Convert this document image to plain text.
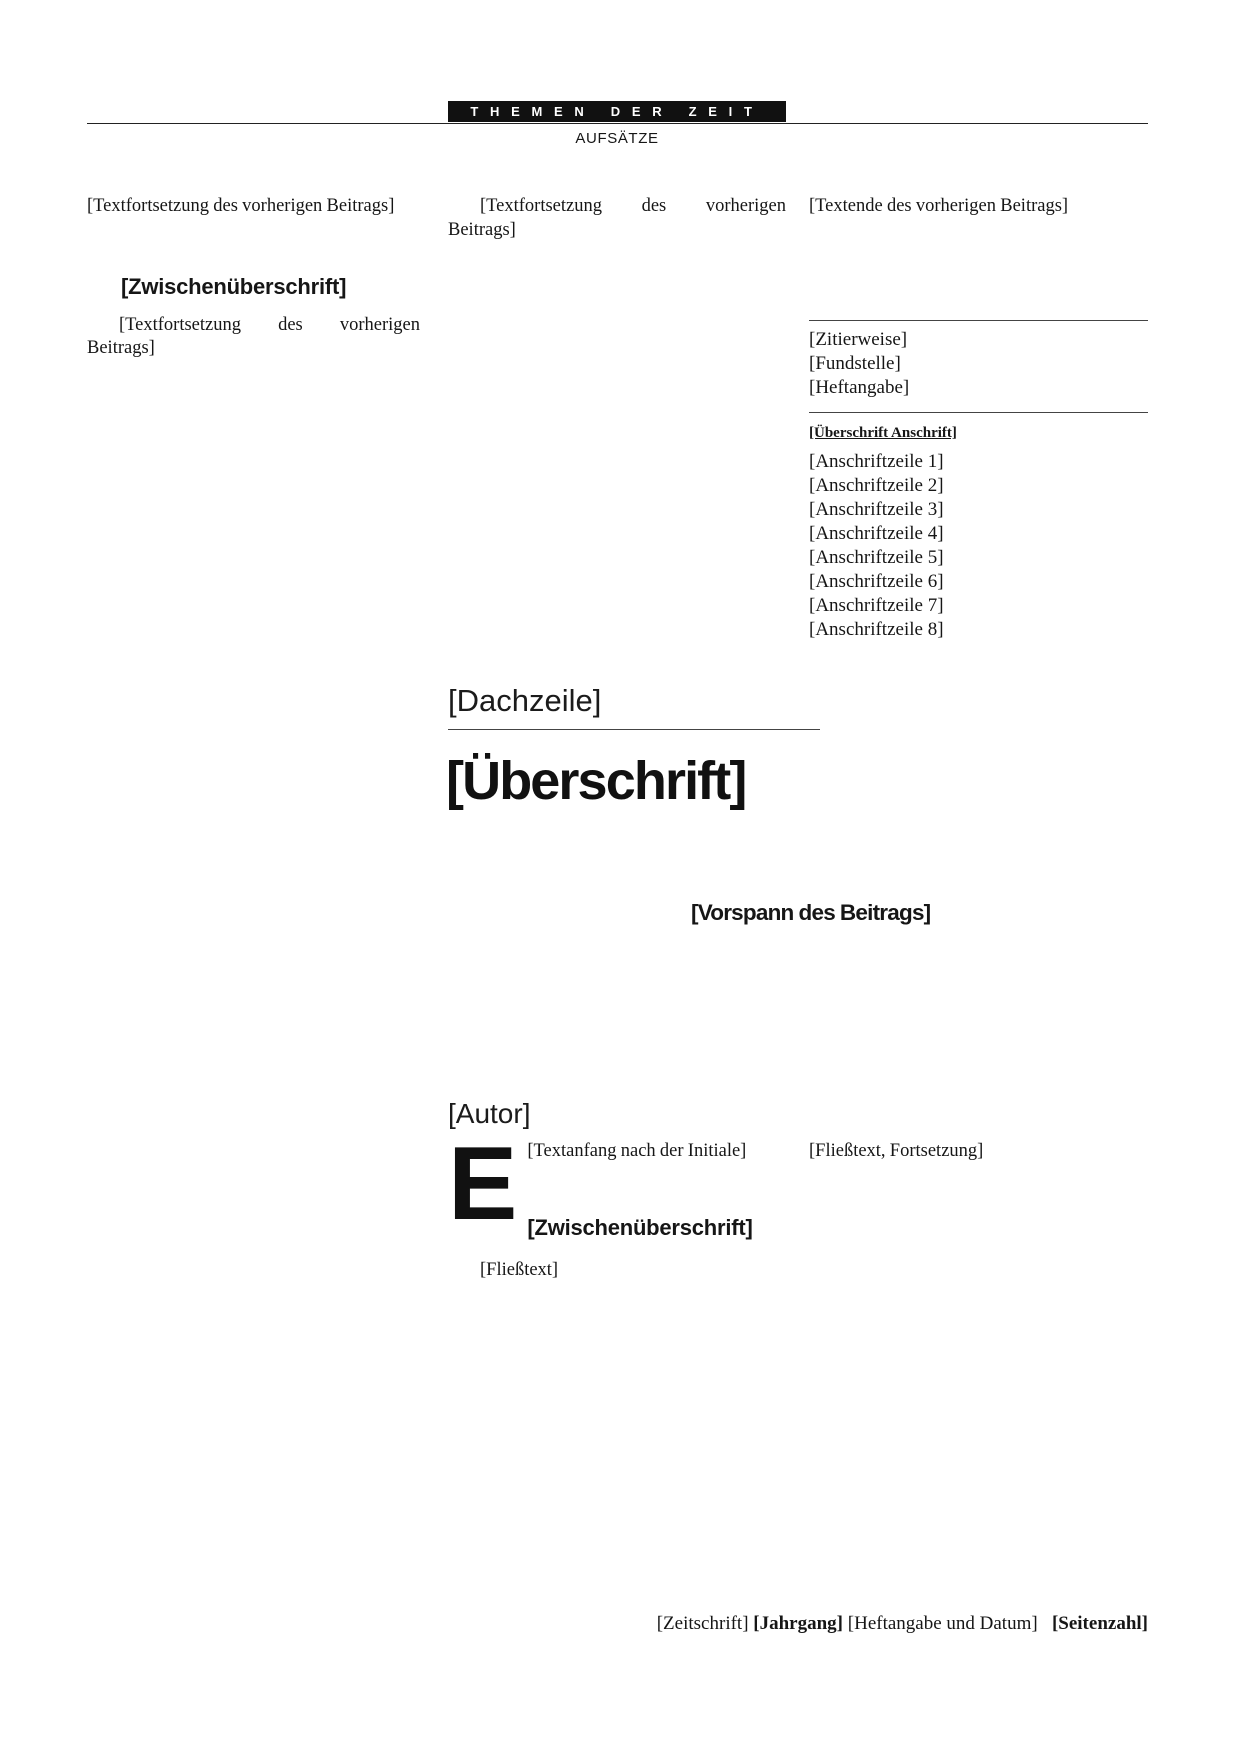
THEMEN DER ZEIT
AUFSÄTZE

[Textfortsetzung des vorherigen Beitrags]

[Zwischenüberschrift]

[Textfortsetzung des vorherigen Beitrags]

[Textfortsetzung des vorherigen Beitrags]

[Textende des vorherigen Beitrags]

[Zitierweise]
[Fundstelle]
[Heftangabe]
[Überschrift Anschrift]
[Anschriftzeile 1]
[Anschriftzeile 2]
[Anschriftzeile 3]
[Anschriftzeile 4]
[Anschriftzeile 5]
[Anschriftzeile 6]
[Anschriftzeile 7]
[Anschriftzeile 8]
[Dachzeile]
[Überschrift]
[Vorspann des Beitrags]
[Autor]

E [Textanfang nach der Initiale]

[Zwischenüberschrift]

[Fließtext]

[Fließtext, Fortsetzung]

[Zeitschrift] [Jahrgang] [Heftangabe und Datum] [Seitenzahl]
